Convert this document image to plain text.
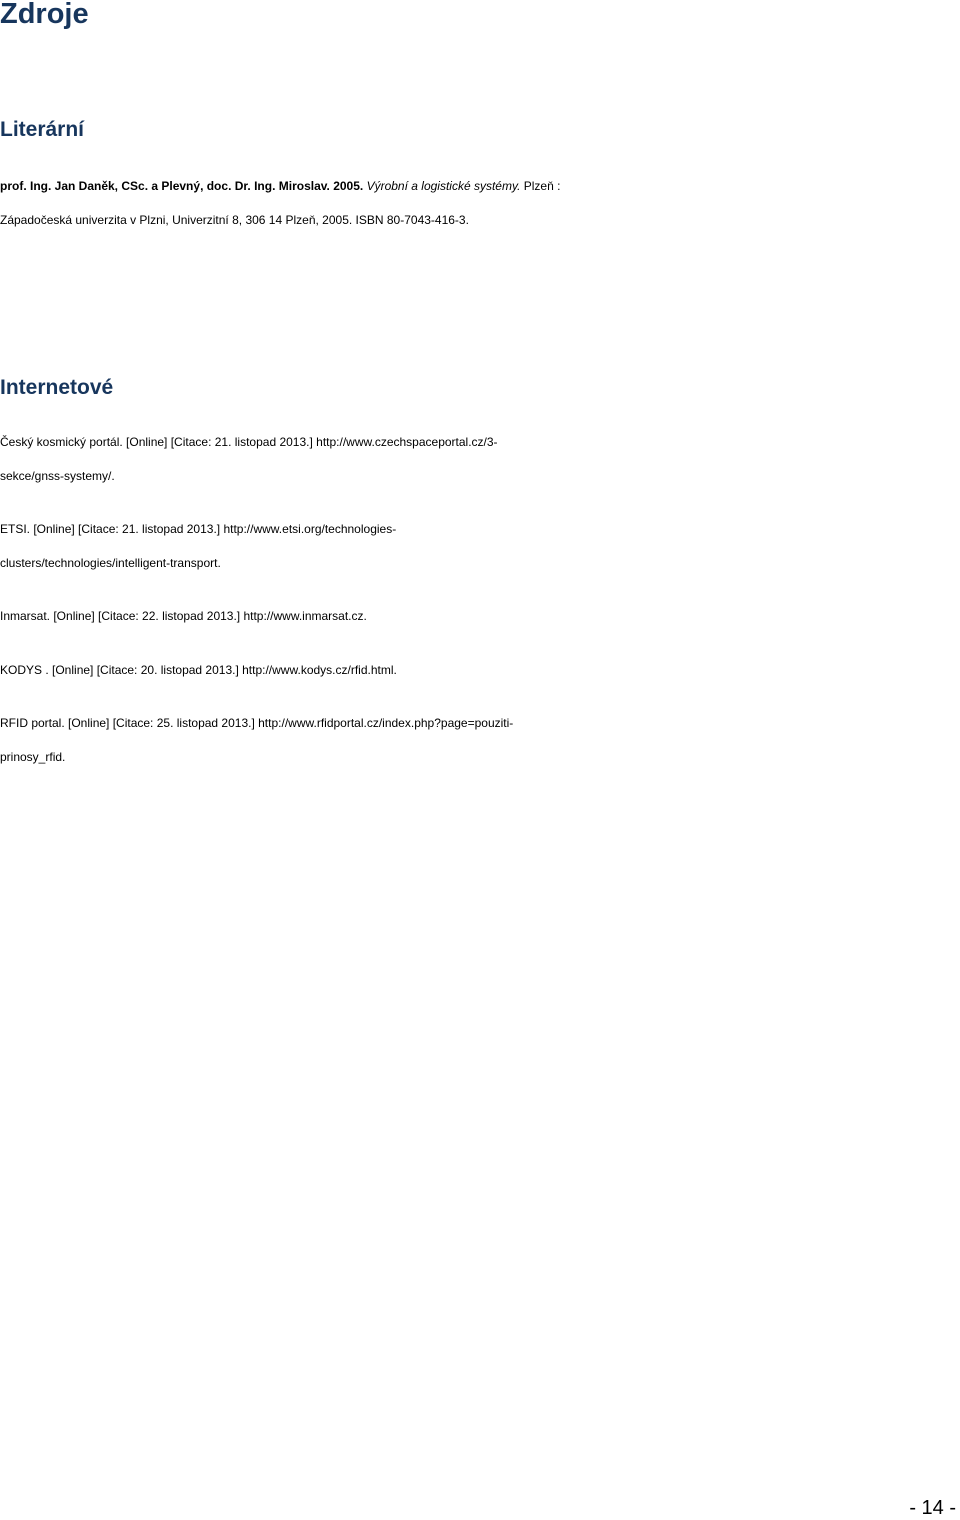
Zdroje
Literární

prof. Ing. Jan Daněk, CSc. a Plevný, doc. Dr. Ing. Miroslav. 2005. Výrobní a logistické systémy. Plzeň :
Západočeská univerzita v Plzni, Univerzitní 8, 306 14 Plzeň, 2005. ISBN 80-7043-416-3.

Internetové

Český kosmický portál. [Online] [Citace: 21. listopad 2013.] http://www.czechspaceportal.cz/3-
sekce/gnss-systemy/.

ETSI. [Online] [Citace: 21. listopad 2013.] http://www.etsi.org/technologies-
clusters/technologies/intelligent-transport.

Inmarsat. [Online] [Citace: 22. listopad 2013.] http://www.inmarsat.cz.

KODYS . [Online] [Citace: 20. listopad 2013.] http://www.kodys.cz/rfid.html.

RFID portal. [Online] [Citace: 25. listopad 2013.] http://www.rfidportal.cz/index.php?page=pouziti-
prinosy_rfid.

- 14 -
